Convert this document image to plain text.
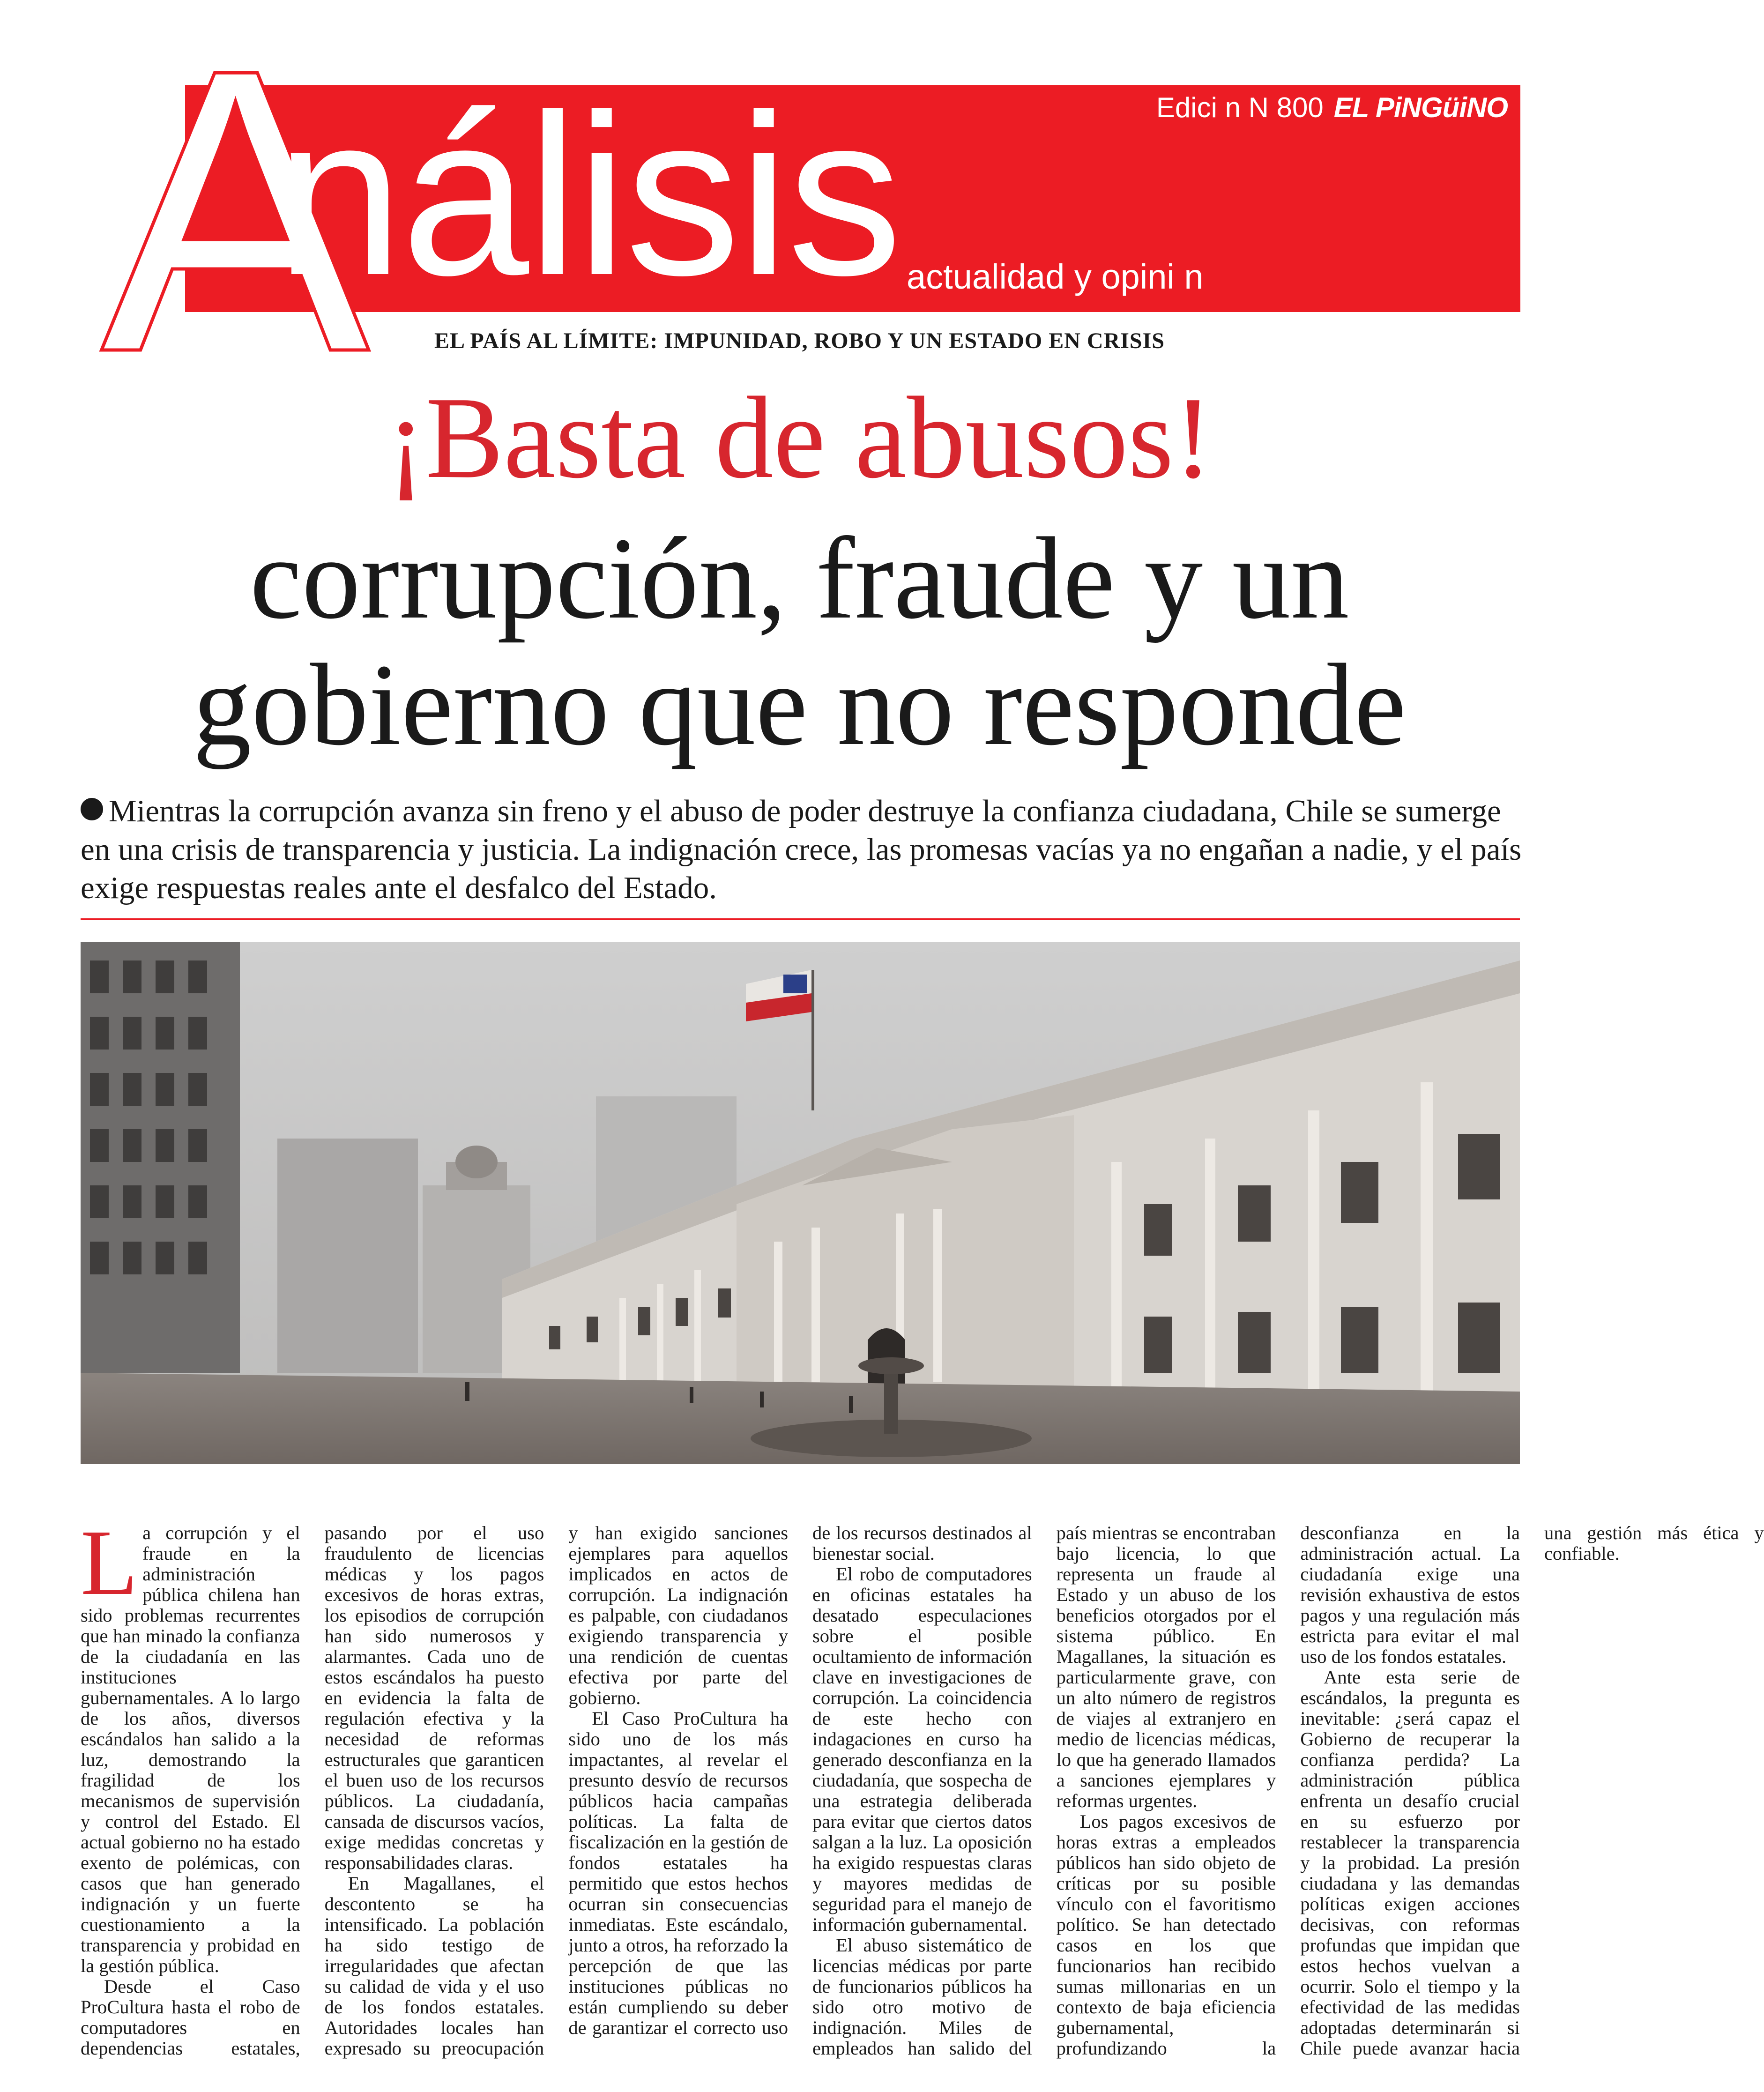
A
nálisis	Edici n N 800 EL PiNGüiNO
actualidad y opini n
EL PAÍS AL LÍMITE: IMPUNIDAD, ROBO Y UN ESTADO EN CRISIS
¡Basta de abusos!
corrupción, fraude y un
gobierno que no responde

Mientras la corrupción avanza sin freno y el abuso de poder destruye la confianza ciudadana, Chile se sumerge en una crisis de transparencia y justicia. La indignación crece, las promesas vacías ya no engañan a nadie, y el país exige respuestas reales ante el desfalco del Estado.

La corrupción y el fraude en la administración pública chilena han sido problemas recurrentes que han minado la confianza de la ciudadanía en las instituciones gubernamentales. A lo largo de los años, diversos escándalos han salido a la luz, demostrando la fragilidad de los mecanismos de supervisión y control del Estado. El actual gobierno no ha estado exento de polémicas, con casos que han generado indignación y un fuerte cuestionamiento a la transparencia y probidad en la gestión pública.

Desde el Caso ProCultura hasta el robo de computadores en dependencias estatales, pasando por el uso fraudulento de licencias médicas y los pagos excesivos de horas extras, los episodios de corrupción han sido numerosos y alarmantes. Cada uno de estos escándalos ha puesto en evidencia la falta de regulación efectiva y la necesidad de reformas estructurales que garanticen el buen uso de los recursos públicos. La ciudadanía, cansada de discursos vacíos, exige medidas concretas y responsabilidades claras.

En Magallanes, el descontento se ha intensificado. La población ha sido testigo de irregularidades que afectan su calidad de vida y el uso de los fondos estatales. Autoridades locales han expresado su preocupación y han exigido sanciones ejemplares para aquellos implicados en actos de corrupción. La indignación es palpable, con ciudadanos exigiendo transparencia y una rendición de cuentas efectiva por parte del gobierno.

El Caso ProCultura ha sido uno de los más impactantes, al revelar el presunto desvío de recursos públicos hacia campañas políticas. La falta de fiscalización en la gestión de fondos estatales ha permitido que estos hechos ocurran sin consecuencias inmediatas. Este escándalo, junto a otros, ha reforzado la percepción de que las instituciones públicas no están cumpliendo su deber de garantizar el correcto uso de los recursos destinados al bienestar social.

El robo de computadores en oficinas estatales ha desatado especulaciones sobre el posible ocultamiento de información clave en investigaciones de corrupción. La coincidencia de este hecho con indagaciones en curso ha generado desconfianza en la ciudadanía, que sospecha de una estrategia deliberada para evitar que ciertos datos salgan a la luz. La oposición ha exigido respuestas claras y mayores medidas de seguridad para el manejo de información gubernamental.

El abuso sistemático de licencias médicas por parte de funcionarios públicos ha sido otro motivo de indignación. Miles de empleados han salido del país mientras se encontraban bajo licencia, lo que representa un fraude al Estado y un abuso de los beneficios otorgados por el sistema público. En Magallanes, la situación es particularmente grave, con un alto número de registros de viajes al extranjero en medio de licencias médicas, lo que ha generado llamados a sanciones ejemplares y reformas urgentes.

Los pagos excesivos de horas extras a empleados públicos han sido objeto de críticas por su posible vínculo con el favoritismo político. Se han detectado casos en los que funcionarios han recibido sumas millonarias en un contexto de baja eficiencia gubernamental, profundizando la desconfianza en la administración actual. La ciudadanía exige una revisión exhaustiva de estos pagos y una regulación más estricta para evitar el mal uso de los fondos estatales.

Ante esta serie de escándalos, la pregunta es inevitable: ¿será capaz el Gobierno de recuperar la confianza perdida? La administración pública enfrenta un desafío crucial en su esfuerzo por restablecer la transparencia y la probidad. La presión ciudadana y las demandas políticas exigen acciones decisivas, con reformas profundas que impidan que estos hechos vuelvan a ocurrir. Solo el tiempo y la efectividad de las medidas adoptadas determinarán si Chile puede avanzar hacia una gestión más ética y confiable.
